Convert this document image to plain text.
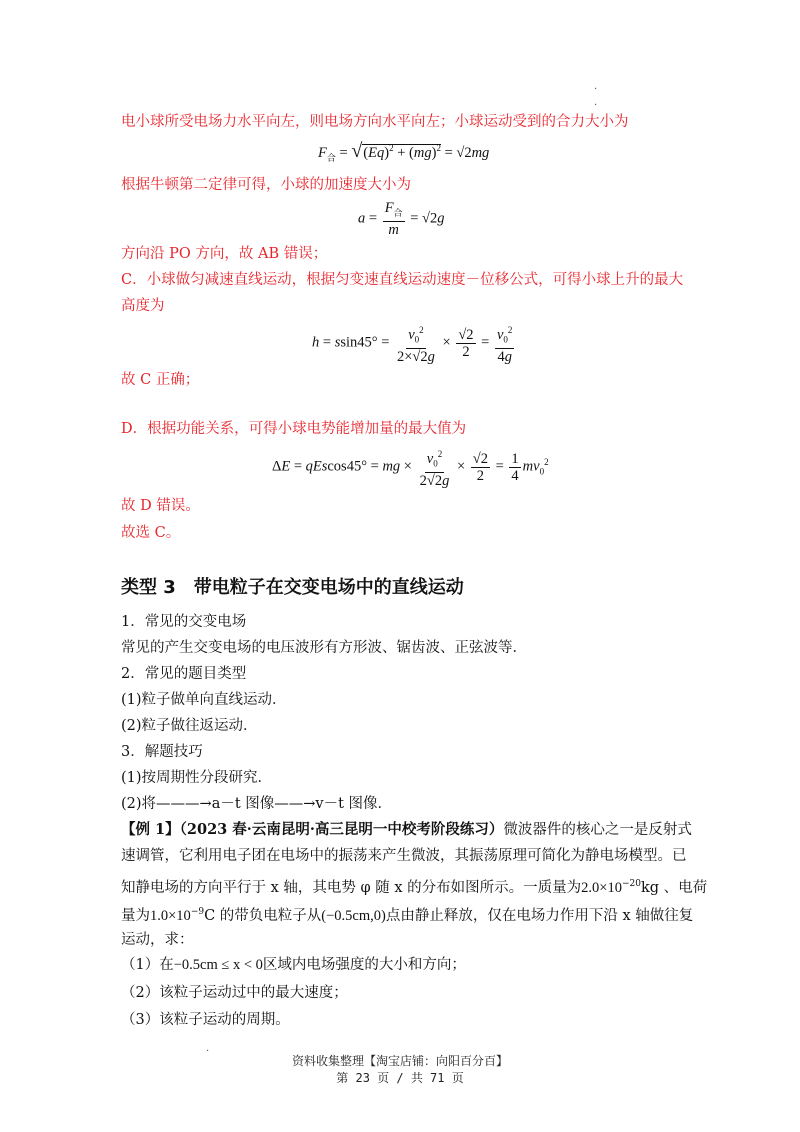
·
·
电小球所受电场力水平向左，则电场方向水平向左；小球运动受到的合力大小为
$F_合 = √(Eq)^2 + (mg)^2 = √2mg$
根据牛顿第二定律可得，小球的加速度大小为
$a = \frac{F_合}{m} = √2g$
方向沿 PO 方向，故 AB 错误；
C．小球做匀减速直线运动，根据匀变速直线运动速度－位移公式，可得小球上升的最大
高度为
$h = ssin45^\circ = \frac{v_0^2}{2\times√2g} \times \frac{√2}{2} = \frac{v_0^2}{4g}$
故 C 正确；
D．根据功能关系，可得小球电势能增加量的最大值为
ΔE = qEscos45° = mg × $\frac{v_0^2}{2√2g} \times \frac{√2}{2} = \frac{1}{4} mv_0^2$
故 D 错误。
故选 C。
类型 3　带电粒子在交变电场中的直线运动
1．常见的交变电场
常见的产生交变电场的电压波形有方形波、锯齿波、正弦波等．
2．常见的题目类型
(1)粒子做单向直线运动．
(2)粒子做往返运动．
3．解题技巧
(1)按周期性分段研究．
(2)将———→a－t 图像——→v－t 图像．
【例 1】（2023 春·云南昆明·高三昆明一中校考阶段练习）微波器件的核心之一是反射式
速调管，它利用电子团在电场中的振荡来产生微波，其振荡原理可简化为静电场模型。已
知静电场的方向平行于 x 轴，其电势 φ 随 x 的分布如图所示。一质量为$2.0\times 10^{-20}kg$ 、电荷
量为$1.0\times 10^{-9}C$ 的带负电粒子从(−0.5cm,0)点由静止释放，仅在电场力作用下沿 x 轴做往复
运动，求：
（1）在−0.5cm ≤ x < 0区域内电场强度的大小和方向；
（2）该粒子运动过中的最大速度；
（3）该粒子运动的周期。
·
资料收集整理【淘宝店铺：向阳百分百】
第 23 页 / 共 71 页
